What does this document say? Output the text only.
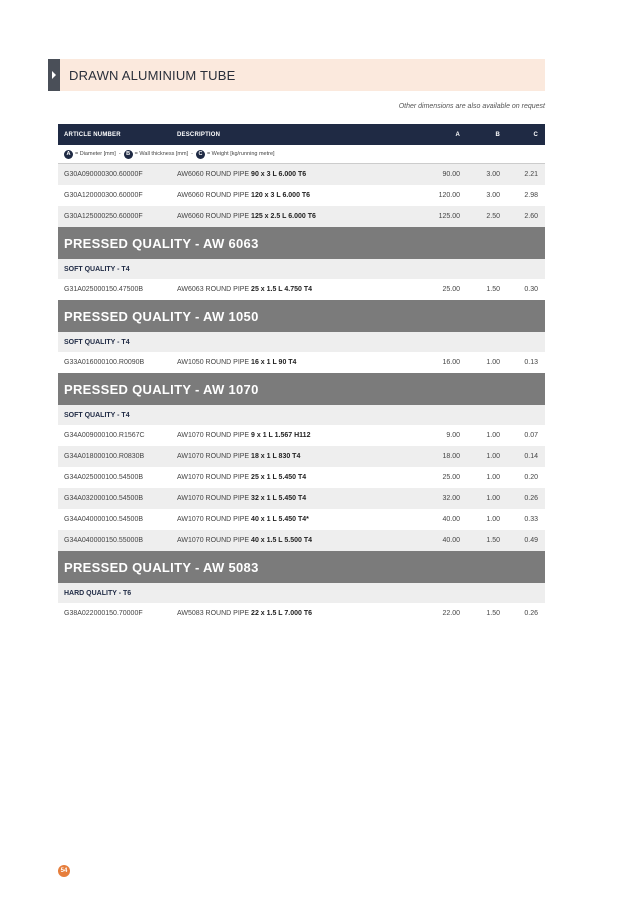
DRAWN ALUMINIUM TUBE
Other dimensions are also available on request
ARTICLE NUMBER	DESCRIPTION	A	B	C
A = Diameter [mm] -	B = Wall thickness [mm] -	C = Weight [kg/running metre]
G30A090000300.60000F	AW6060 ROUND PIPE 90 x 3 L 6.000 T6	90.00	3.00	2.21
G30A120000300.60000F	AW6060 ROUND PIPE 120 x 3 L 6.000 T6	120.00	3.00	2.98
G30A125000250.60000F	AW6060 ROUND PIPE 125 x 2.5 L 6.000 T6	125.00	2.50	2.60
PRESSED QUALITY - AW 6063
SOFT QUALITY - T4
G31A025000150.47500B	AW6063 ROUND PIPE 25 x 1.5 L 4.750 T4	25.00	1.50	0.30
PRESSED QUALITY - AW 1050
SOFT QUALITY - T4
G33A016000100.R0090B	AW1050 ROUND PIPE 16 x 1 L 90 T4	16.00	1.00	0.13
PRESSED QUALITY - AW 1070
SOFT QUALITY - T4
G34A009000100.R1567C	AW1070 ROUND PIPE 9 x 1 L 1.567 H112	9.00	1.00	0.07
G34A018000100.R0830B	AW1070 ROUND PIPE 18 x 1 L 830 T4	18.00	1.00	0.14
G34A025000100.54500B	AW1070 ROUND PIPE 25 x 1 L 5.450 T4	25.00	1.00	0.20
G34A032000100.54500B	AW1070 ROUND PIPE 32 x 1 L 5.450 T4	32.00	1.00	0.26
G34A040000100.54500B	AW1070 ROUND PIPE 40 x 1 L 5.450 T4*	40.00	1.00	0.33
G34A040000150.55000B	AW1070 ROUND PIPE 40 x 1.5 L 5.500 T4	40.00	1.50	0.49
PRESSED QUALITY - AW 5083
HARD QUALITY - T6
G38A022000150.70000F	AW5083 ROUND PIPE 22 x 1.5 L 7.000 T6	22.00	1.50	0.26
54
